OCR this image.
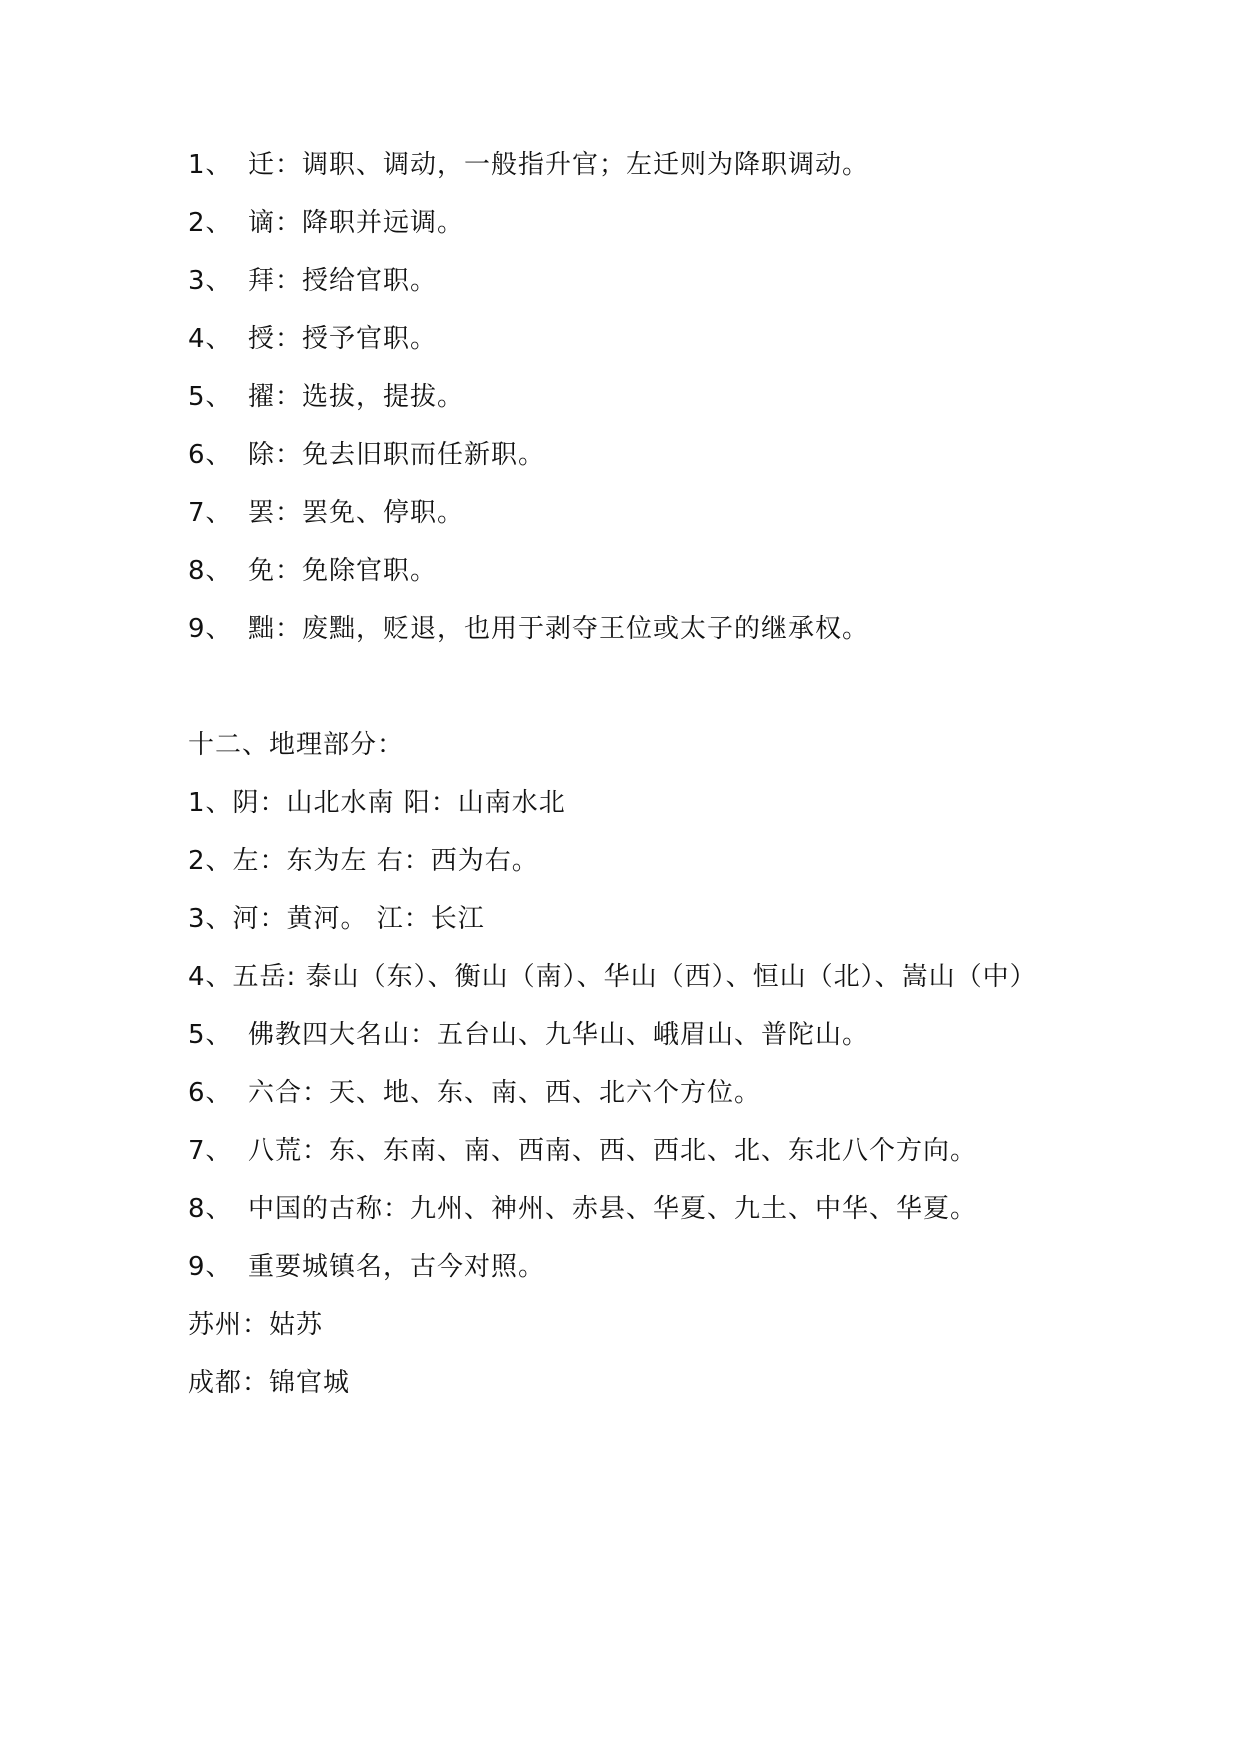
1、 迁：调职、调动，一般指升官；左迁则为降职调动。
2、 谪：降职并远调。
3、 拜：授给官职。
4、 授：授予官职。
5、 擢：选拔，提拔。
6、 除：免去旧职而任新职。
7、 罢：罢免、停职。
8、 免：免除官职。
9、 黜：废黜，贬退，也用于剥夺王位或太子的继承权。
十二、地理部分：
1、阴：山北水南 阳：山南水北
2、左：东为左 右：西为右。
3、河：黄河。 江：长江
4、五岳: 泰山（东）、衡山（南）、华山（西）、恒山（北）、嵩山（中）
5、 佛教四大名山：五台山、九华山、峨眉山、普陀山。
6、 六合：天、地、东、南、西、北六个方位。
7、 八荒：东、东南、南、西南、西、西北、北、东北八个方向。
8、 中国的古称：九州、神州、赤县、华夏、九土、中华、华夏。
9、 重要城镇名，古今对照。
苏州：姑苏
成都：锦官城
